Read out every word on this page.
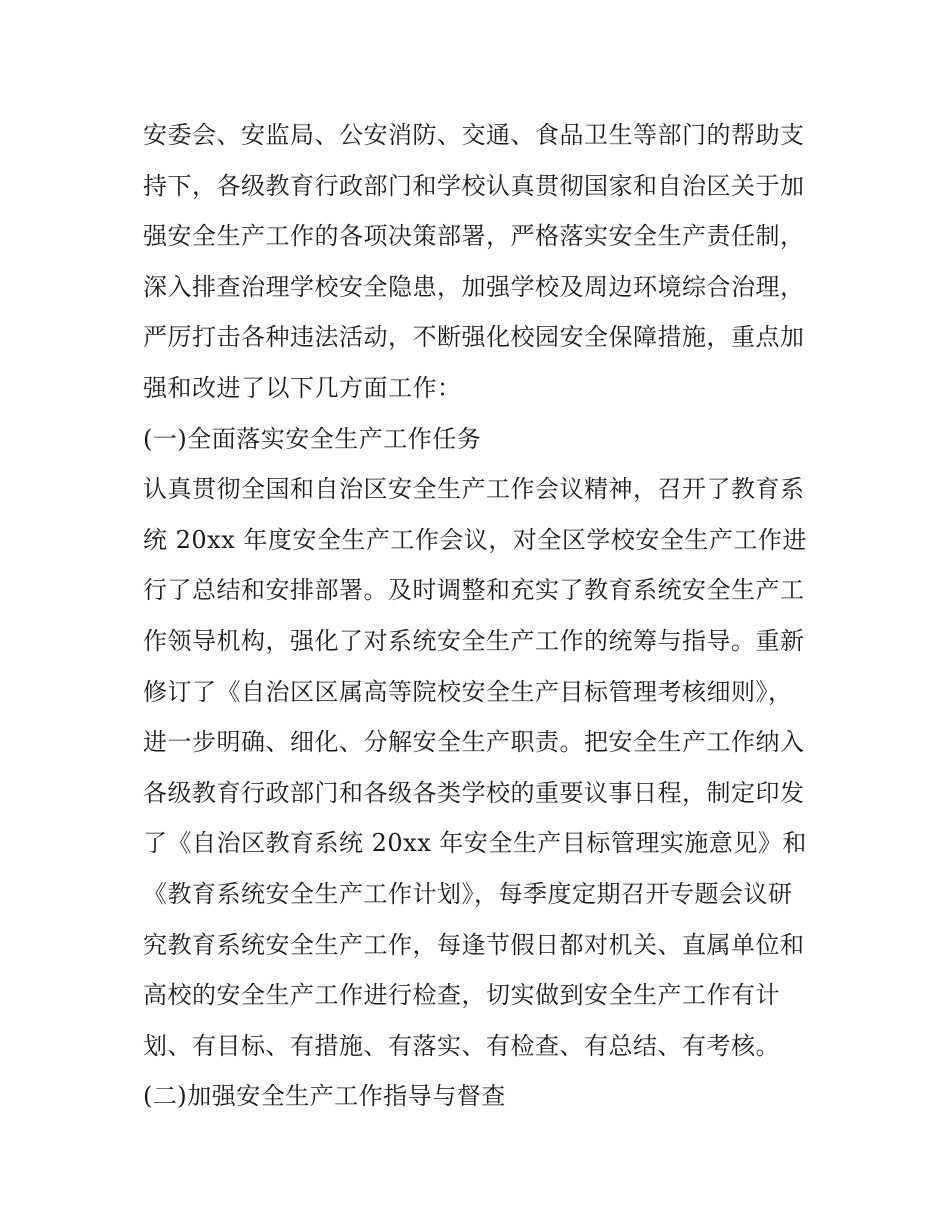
安委会、安监局、公安消防、交通、食品卫生等部门的帮助支
持下，各级教育行政部门和学校认真贯彻国家和自治区关于加
强安全生产工作的各项决策部署，严格落实安全生产责任制，
深入排查治理学校安全隐患，加强学校及周边环境综合治理，
严厉打击各种违法活动，不断强化校园安全保障措施，重点加
强和改进了以下几方面工作：
(一)全面落实安全生产工作任务
认真贯彻全国和自治区安全生产工作会议精神，召开了教育系
统 20xx 年度安全生产工作会议，对全区学校安全生产工作进
行了总结和安排部署。及时调整和充实了教育系统安全生产工
作领导机构，强化了对系统安全生产工作的统筹与指导。重新
修订了《自治区区属高等院校安全生产目标管理考核细则》，
进一步明确、细化、分解安全生产职责。把安全生产工作纳入
各级教育行政部门和各级各类学校的重要议事日程，制定印发
了《自治区教育系统 20xx 年安全生产目标管理实施意见》和
《教育系统安全生产工作计划》，每季度定期召开专题会议研
究教育系统安全生产工作，每逢节假日都对机关、直属单位和
高校的安全生产工作进行检查，切实做到安全生产工作有计
划、有目标、有措施、有落实、有检查、有总结、有考核。
(二)加强安全生产工作指导与督查
